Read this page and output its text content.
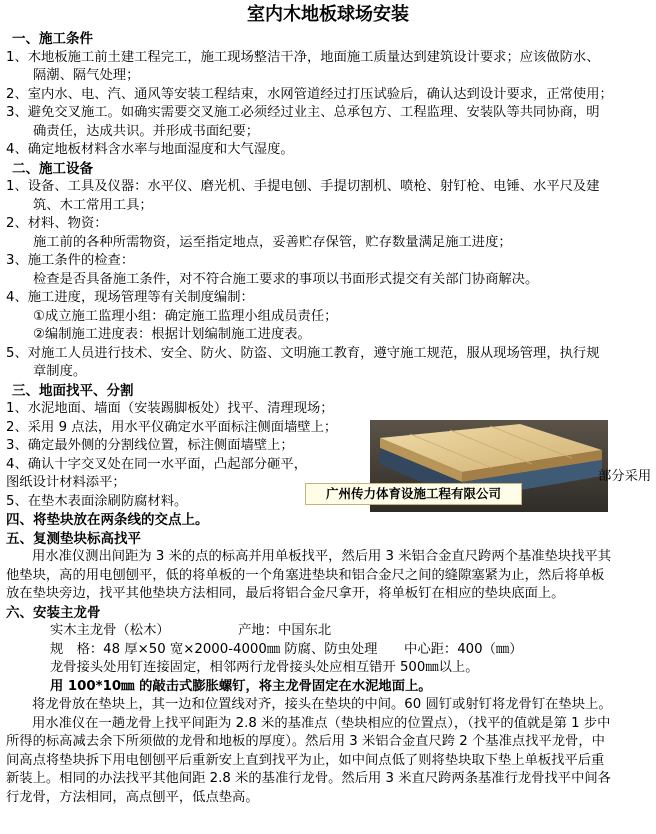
室内木地板球场安装
一、施工条件
1、木地板施工前土建工程完工，施工现场整洁干净，地面施工质量达到建筑设计要求；应该做防水、
隔潮、隔气处理；
2、室内水、电、汽、通风等安装工程结束，水网管道经过打压试验后，确认达到设计要求，正常使用；
3、避免交叉施工。如确实需要交叉施工必须经过业主、总承包方、工程监理、安装队等共同协商，明
确责任，达成共识。并形成书面纪要；
4、确定地板材料含水率与地面湿度和大气湿度。
二、施工设备
1、设备、工具及仪器：水平仪、磨光机、手提电刨、手提切割机、喷枪、射钉枪、电锤、水平尺及建
筑、木工常用工具；
2、材料、物资：
施工前的各种所需物资，运至指定地点，妥善贮存保管，贮存数量满足施工进度；
3、施工条件的检查：
检查是否具备施工条件，对不符合施工要求的事项以书面形式提交有关部门协商解决。
4、施工进度，现场管理等有关制度编制：
①成立施工监理小组：确定施工监理小组成员责任；
②编制施工进度表：根据计划编制施工进度表。
5、对施工人员进行技术、安全、防火、防盗、文明施工教育，遵守施工规范，服从现场管理，执行规
章制度。
三、地面找平、分割
1、水泥地面、墙面（安装踢脚板处）找平、清理现场；
2、采用 9 点法，用水平仪确定水平面标注侧面墙壁上；
3、确定最外侧的分割线位置，标注侧面墙壁上；
4、确认十字交叉处在同一水平面，凸起部分砸平，
图纸设计材料添平；
5、在垫木表面涂刷防腐材料。
四、将垫块放在两条线的交点上。
五、复测垫块标高找平
用水准仪测出间距为 3 米的点的标高并用单板找平，然后用 3 米铝合金直尺跨两个基准垫块找平其
他垫块，高的用电刨刨平，低的将单板的一个角塞进垫块和铝合金尺之间的缝隙塞紧为止，然后将单板
放在垫块旁边，找平其他垫块方法相同，最后将铝合金尺拿开，将单板钉在相应的垫块底面上。
六、安装主龙骨
实木主龙骨（松木）	产地：中国东北
规　格：48 厚×50 宽×2000-4000㎜ 防腐、防虫处理　　中心距：400（㎜）
龙骨接头处用钉连接固定，相邻两行龙骨接头处应相互错开 500㎜以上。
用 100*10㎜ 的敲击式膨胀螺钉，将主龙骨固定在水泥地面上。
将龙骨放在垫块上，其一边和位置线对齐，接头在垫块的中间。60 圆钉或射钉将龙骨钉在垫块上。
用水准仪在一趟龙骨上找平间距为 2.8 米的基准点（垫块相应的位置点），（找平的值就是第 1 步中
所得的标高减去余下所须做的龙骨和地板的厚度）。然后用 3 米铝合金直尺跨 2 个基准点找平龙骨，中
间高点将垫块拆下用电刨刨平后重新安上直到找平为止，如中间点低了则将垫块取下垫上单板找平后重
新装上。相同的办法找平其他间距 2.8 米的基准行龙骨。然后用 3 米直尺跨两条基准行龙骨找平中间各
行龙骨，方法相同，高点刨平，低点垫高。
广州传力体育设施工程有限公司
部分采用
